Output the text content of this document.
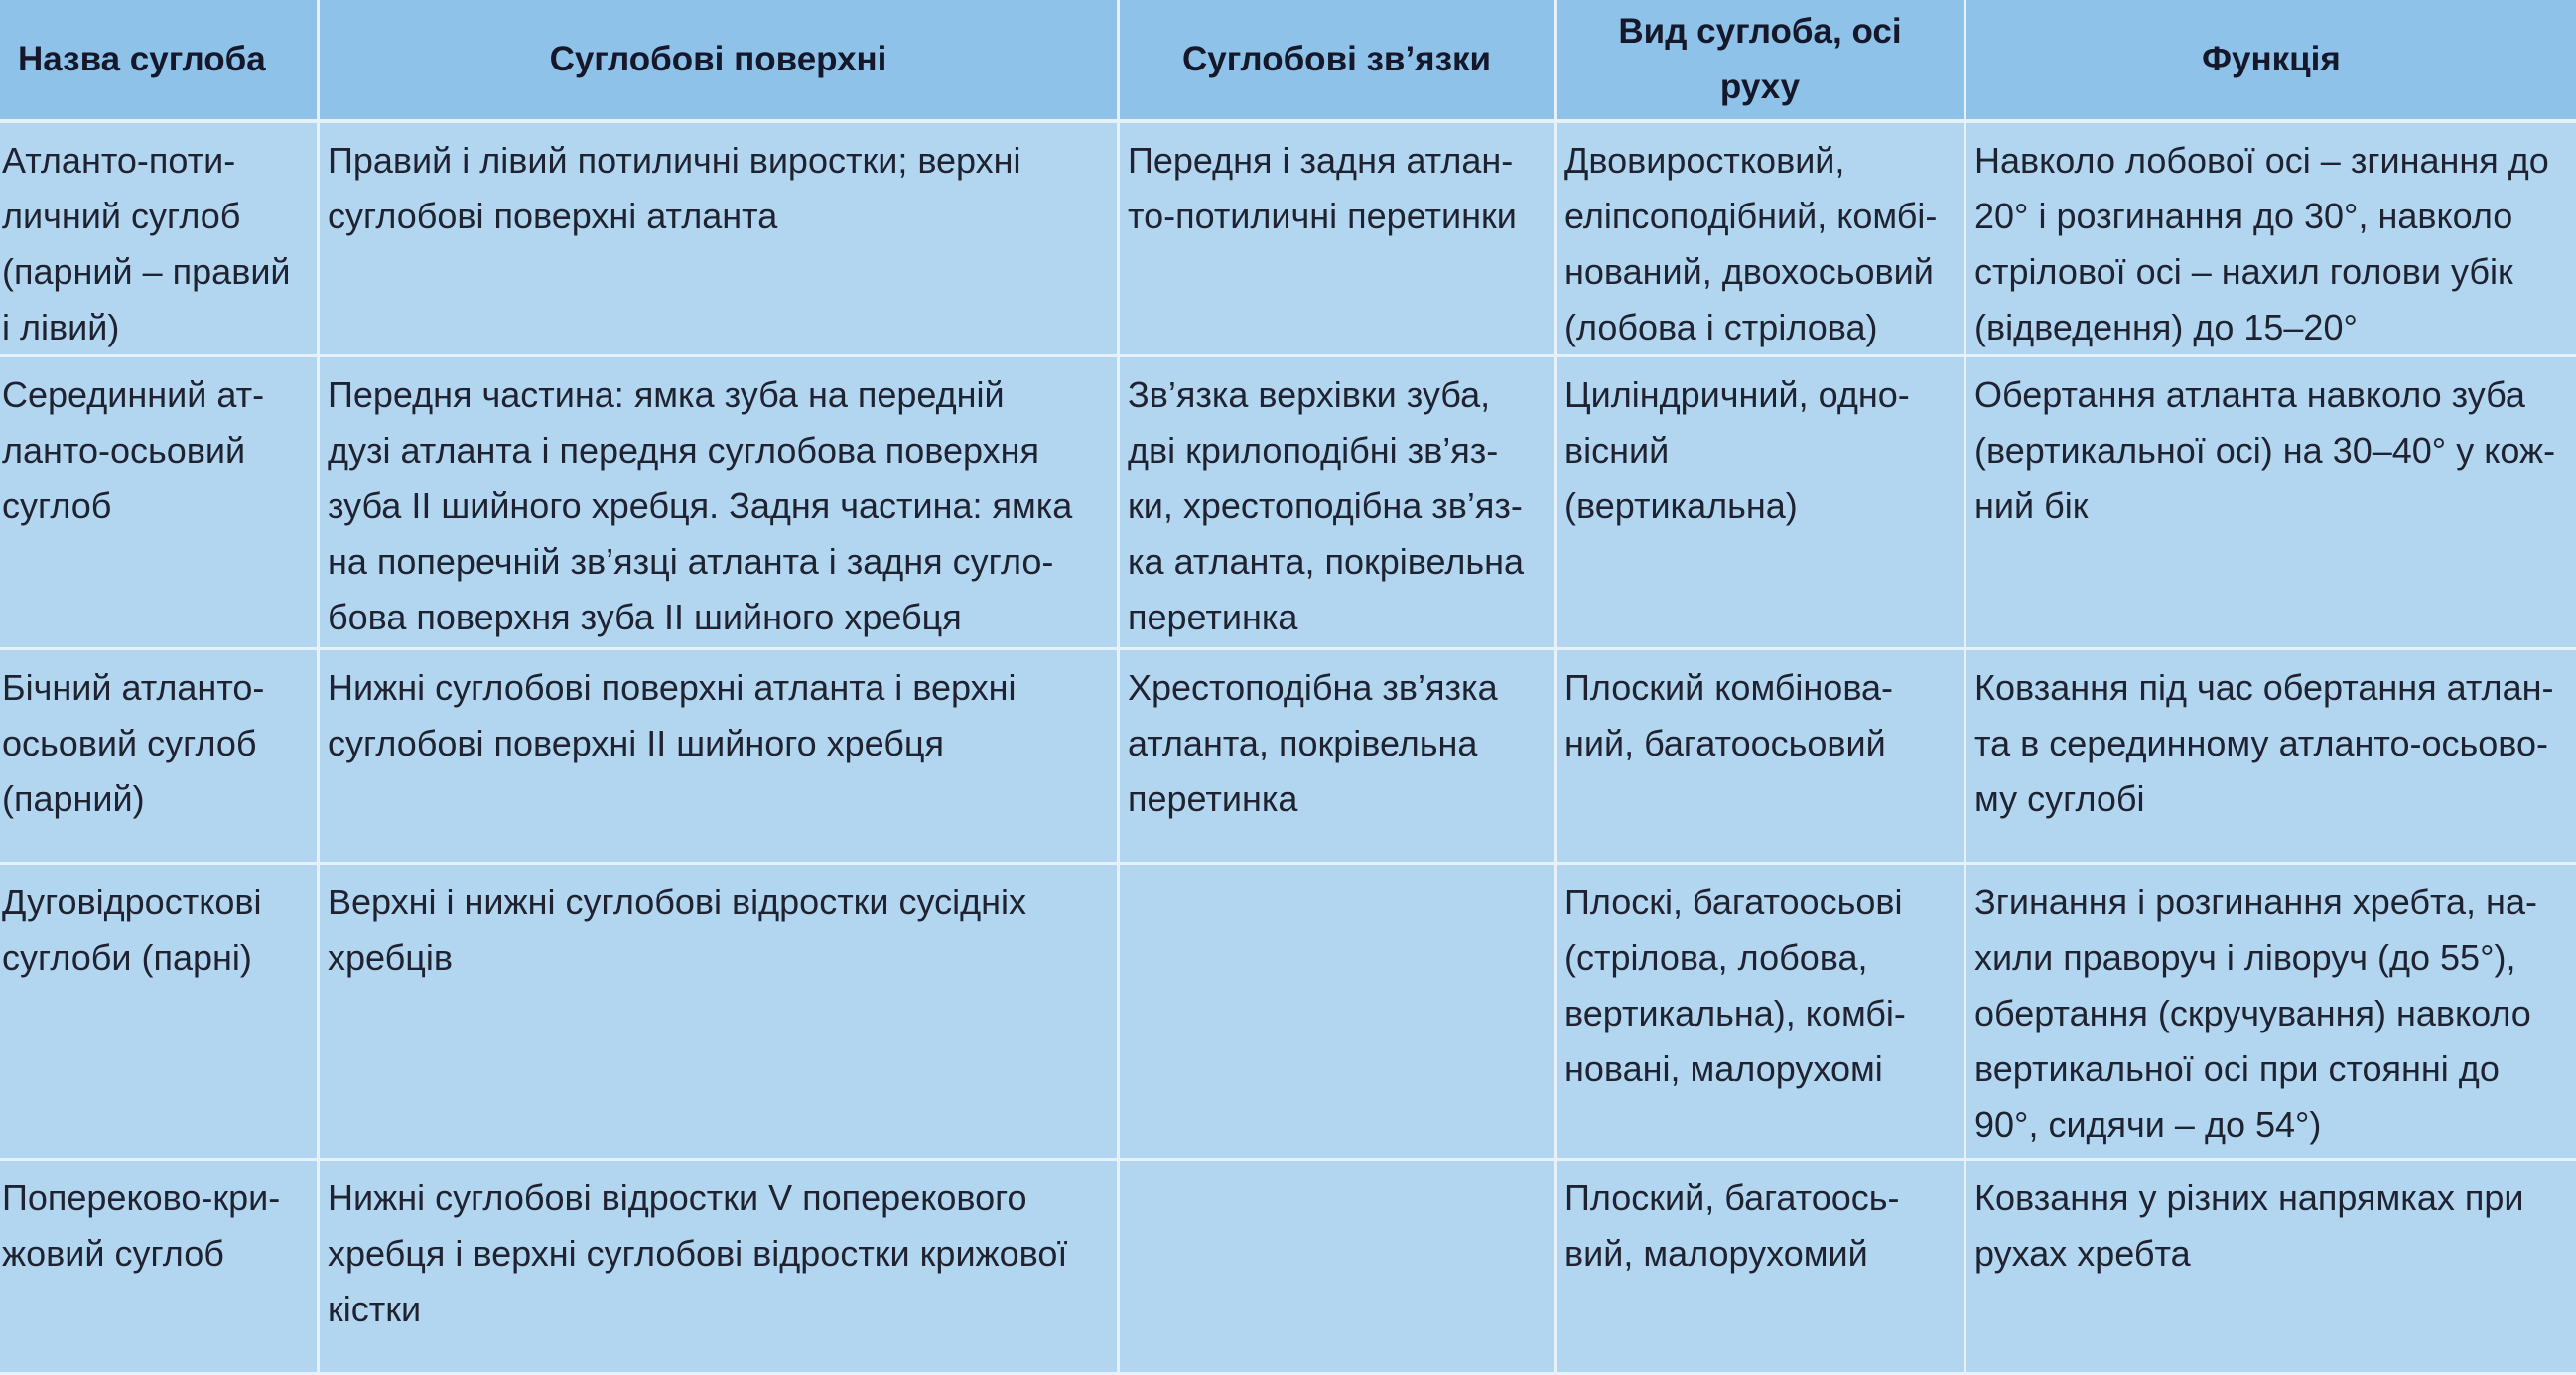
Назва суглоба	Суглобові поверхні	Суглобові зв’язки
Вид суглоба, осі
руху
Функція
Атланто-поти-
личний суглоб
(парний – правий
і лівий)
Правий і лівий потиличні виростки; верхні
суглобові поверхні атланта
Передня і задня атлан-
то-потиличні перетинки
Двовиростковий,
еліпсоподібний, комбі-
нований, двохосьовий
(лобова і стрілова)
Навколо лобової осі – згинання до
20° і розгинання до 30°, навколо
стрілової осі – нахил голови убік
(відведення) до 15–20°
Серединний ат-
ланто-осьовий
суглоб
Передня частина: ямка зуба на передній
дузі атланта і передня суглобова поверхня
зуба II шийного хребця. Задня частина: ямка
на поперечній зв’язці атланта і задня сугло-
бова поверхня зуба II шийного хребця
Зв’язка верхівки зуба,
дві крилоподібні зв’яз-
ки, хрестоподібна зв’яз-
ка атланта, покрівельна
перетинка
Циліндричний, одно-
вісний
(вертикальна)
Обертання атланта навколо зуба
(вертикальної осі) на 30–40° у кож-
ний бік
Бічний атланто-
осьовий суглоб
(парний)
Нижні суглобові поверхні атланта і верхні
суглобові поверхні II шийного хребця
Хрестоподібна зв’язка
атланта, покрівельна
перетинка
Плоский комбінова-
ний, багатоосьовий
Ковзання під час обертання атлан-
та в серединному атланто-осьово-
му суглобі
Дуговідросткові
суглоби (парні)
Верхні і нижні суглобові відростки сусідніх
хребців
Плоскі, багатоосьові
(стрілова, лобова,
вертикальна), комбі-
новані, малорухомі
Згинання і розгинання хребта, на-
хили праворуч і ліворуч (до 55°),
обертання (скручування) навколо
вертикальної осі при стоянні до
90°, сидячи – до 54°)
Попереково-кри-
жовий суглоб
Нижні суглобові відростки V поперекового
хребця і верхні суглобові відростки крижової
кістки
Плоский, багатоось-
вий, малорухомий
Ковзання у різних напрямках при
рухах хребта
